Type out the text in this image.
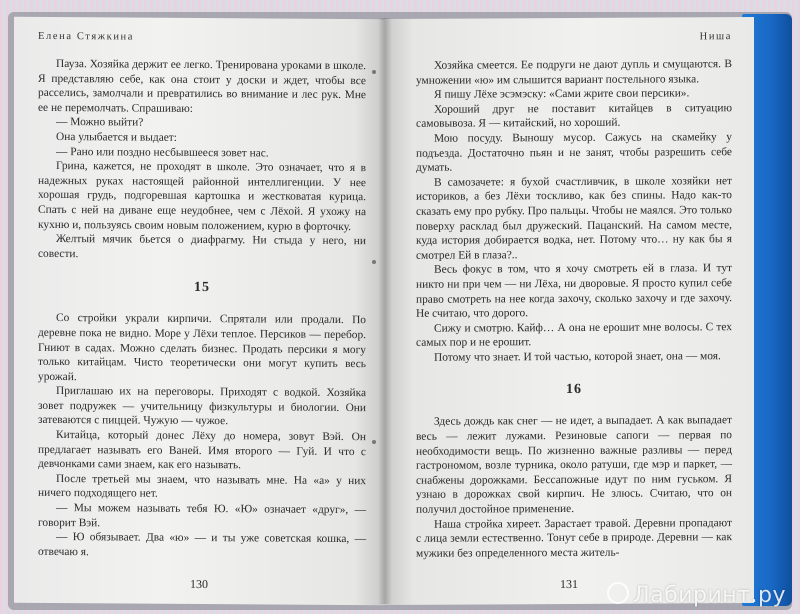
Елена Стяжкина

Пауза. Хозяйка держит ее легко. Тренирована уроками в школе. Я представляю себе, как она стоит у доски и ждет, чтобы все расселись, замолчали и превратились во внимание и лес рук. Мне ее не перемолчать. Спрашиваю:

— Можно выйти?

Она улыбается и выдает:

— Рано или поздно несбывшееся зовет нас.

Грина, кажется, не проходят в школе. Это означает, что я в надежных руках настоящей районной интеллигенции. У нее хорошая грудь, подгоревшая картошка и жестковатая курица. Спать с ней на диване еще неудобнее, чем с Лёхой. Я ухожу на кухню и, пользуясь своим новым положением, курю в форточку.

Желтый мячик бьется о диафрагму. Ни стыда у него, ни совести.

15

Со стройки украли кирпичи. Спрятали или продали. По деревне пока не видно. Море у Лёхи теплое. Персиков — перебор. Гниют в садах. Можно сделать бизнес. Продать персики я могу только китайцам. Чисто теоретически они могут купить весь урожай.

Приглашаю их на переговоры. Приходят с водкой. Хозяйка зовет подружек — учительницу физкультуры и биологии. Они затеваются с пиццей. Чужую — чужое.

Китайца, который донес Лёху до номера, зовут Вэй. Он предлагает называть его Ваней. Имя второго — Гуй. И что с девчонками сами знаем, как его называть.

После третьей мы знаем, что называть мне. На «а» у них ничего подходящего нет.

— Мы можем называть тебя Ю. «Ю» означает «друг», — говорит Вэй.

— Ю обязывает. Два «ю» — и ты уже советская кошка, — отвечаю я.

130
Ниша

Хозяйка смеется. Ее подруги не дают дупль и смущаются. В умножении «ю» им слышится вариант постельного языка.

Я пишу Лёхе эсэмэску: «Сами жрите свои персики».

Хороший друг не поставит китайцев в ситуацию самовывоза. Я — китайский, но хороший.

Мою посуду. Выношу мусор. Сажусь на скамейку у подъезда. Достаточно пьян и не занят, чтобы разрешить себе думать.

В самозачете: я бухой счастливчик, в школе хозяйки нет историков, а без Лёхи тоскливо, как без спины. Надо как-то сказать ему про рубку. Про пальцы. Чтобы не маялся. Это только поверху расклад был дружеский. Пацанский. На самом месте, куда история добирается водка, нет. Потому что… ну как бы я смотрел Ей в глаза?..

Весь фокус в том, что я хочу смотреть ей в глаза. И тут никто ни при чем — ни Лёха, ни дворовые. Я просто купил себе право смотреть на нее когда захочу, сколько захочу и где захочу. Не считаю, что дорого.

Сижу и смотрю. Кайф… А она не ерошит мне волосы. С тех самых пор и не ерошит.

Потому что знает. И той частью, которой знает, она — моя.

16

Здесь дождь как снег — не идет, а выпадает. А как выпадает весь — лежит лужами. Резиновые сапоги — первая по необходимости вещь. По жизненно важные разливы — перед гастрономом, возле турника, около ратуши, где мэр и паркет, — снабжены дорожками. Бессапожные идут по ним гуськом. Я узнаю в дорожках свой кирпич. Не злюсь. Считаю, что он получил достойное применение.

Наша стройка хиреет. Зарастает травой. Деревни пропадают с лица земли естественно. Тонут себе в природе. Деревни — как мужики без определенного места житель-

131	Лабиринт.ру
